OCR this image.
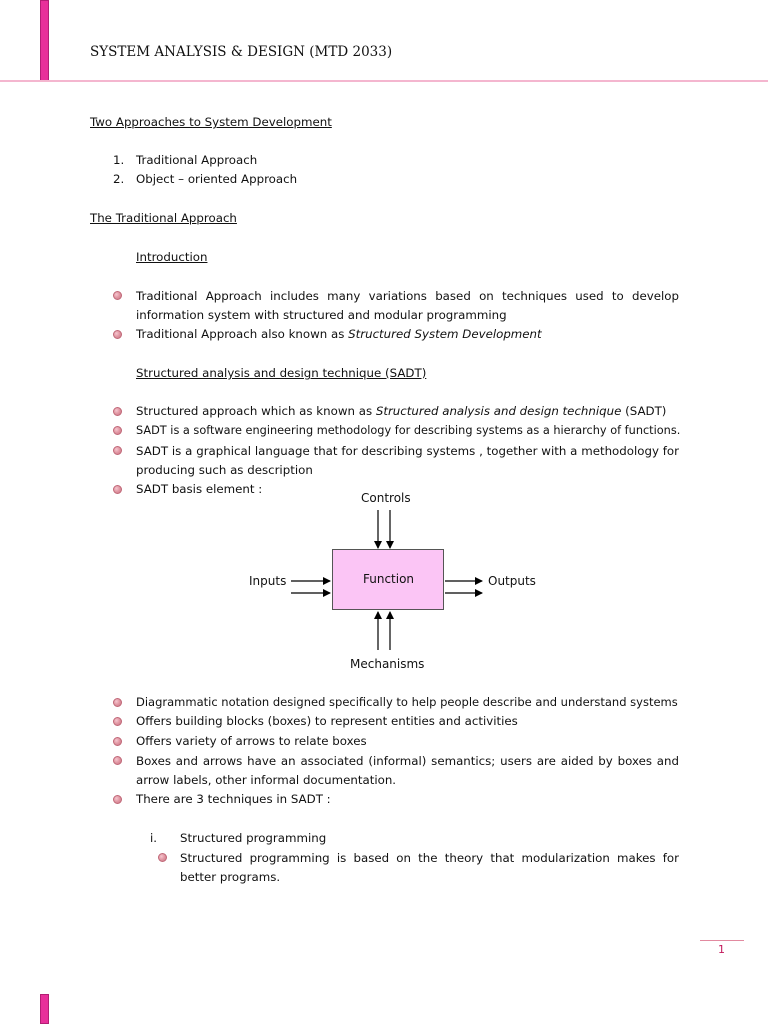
SYSTEM ANALYSIS & DESIGN (MTD 2033)
Two Approaches to System Development
1. Traditional Approach
2. Object – oriented Approach
The Traditional Approach
Introduction
Traditional Approach includes many variations based on techniques used to develop information system with structured and modular programming
Traditional Approach also known as Structured System Development
Structured analysis and design technique (SADT)
Structured approach which as known as Structured analysis and design technique (SADT)
SADT is a software engineering methodology for describing systems as a hierarchy of functions.
SADT is a graphical language that for describing systems , together with a methodology for producing such as description
SADT basis element :
Controls
Inputs	Function	Outputs
Mechanisms
Diagrammatic notation designed specifically to help people describe and understand systems
Offers building blocks (boxes) to represent entities and activities
Offers variety of arrows to relate boxes
Boxes and arrows have an associated (informal) semantics; users are aided by boxes and arrow labels, other informal documentation.
There are 3 techniques in SADT :
i. Structured programming
Structured programming is based on the theory that modularization makes for better programs.
1
